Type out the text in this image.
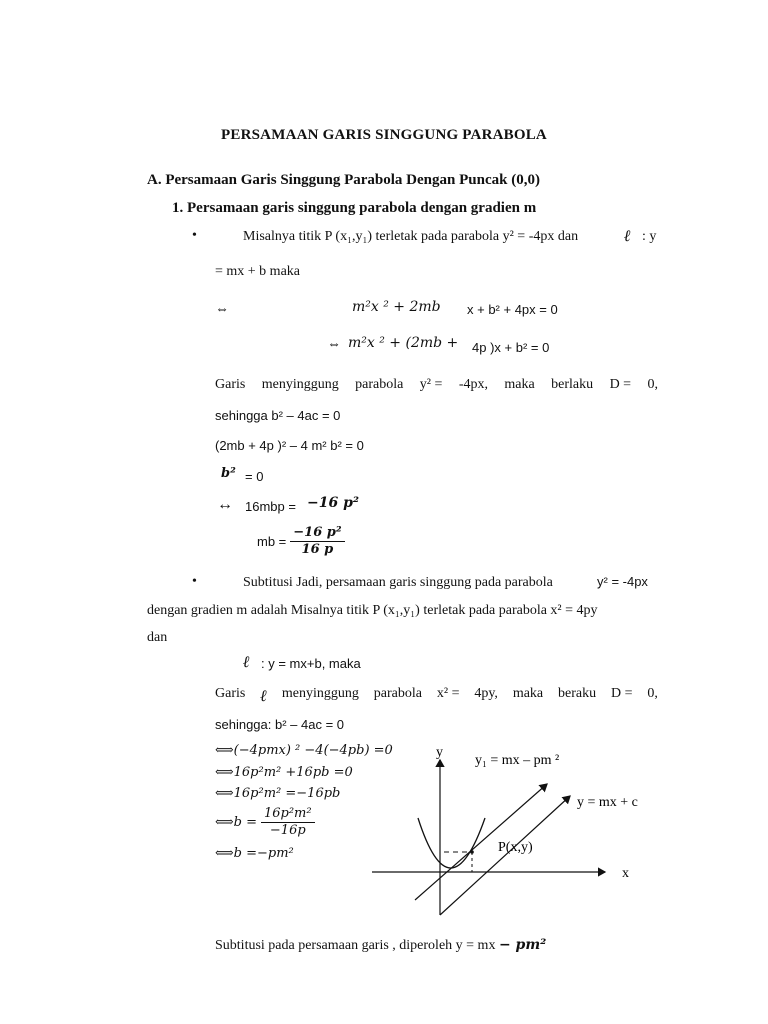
PERSAMAAN GARIS SINGGUNG PARABOLA
A. Persamaan Garis Singgung Parabola Dengan Puncak (0,0)
1. Persamaan garis singgung parabola dengan gradien m
•	Misalnya titik P (x₁,y₁) terletak pada parabola y² = -4px dan	ℓ : y
= mx + b maka
⇔	m²x ² + 2mb x + b² + 4px = 0
⇔ m²x ² + (2mb + 4p )x + b² = 0
Garis menyinggung parabola y² = -4px, maka berlaku D = 0,
sehingga b² – 4ac = 0
(2mb + 4p )² – 4 m² b² = 0
b² = 0
↔ 16mbp = −16 p²
mb = $\frac{\text{−16 p²}}{16 p}$
•	Subtitusi Jadi, persamaan garis singgung pada parabola	y² = -4px
dengan gradien m adalah Misalnya titik P (x₁,y₁) terletak pada parabola x² = 4py
dan
ℓ : y = mx+b, maka
Garis ℓ menyinggung parabola x² = 4py, maka beraku D = 0,
sehingga: b² – 4ac = 0
⟺(−4pmx) ² −4(−4pb) =0
⟺16p²m² +16pb =0
⟺16p²m² =−16pb
⟺b = $\frac{\text{16p²m²}}{-16p}$
⟺b =−pm²
y
x
y₁ = mx – pm ²
y = mx + c
P(x,y)
Subtitusi pada persamaan garis , diperoleh y = mx − pm²
